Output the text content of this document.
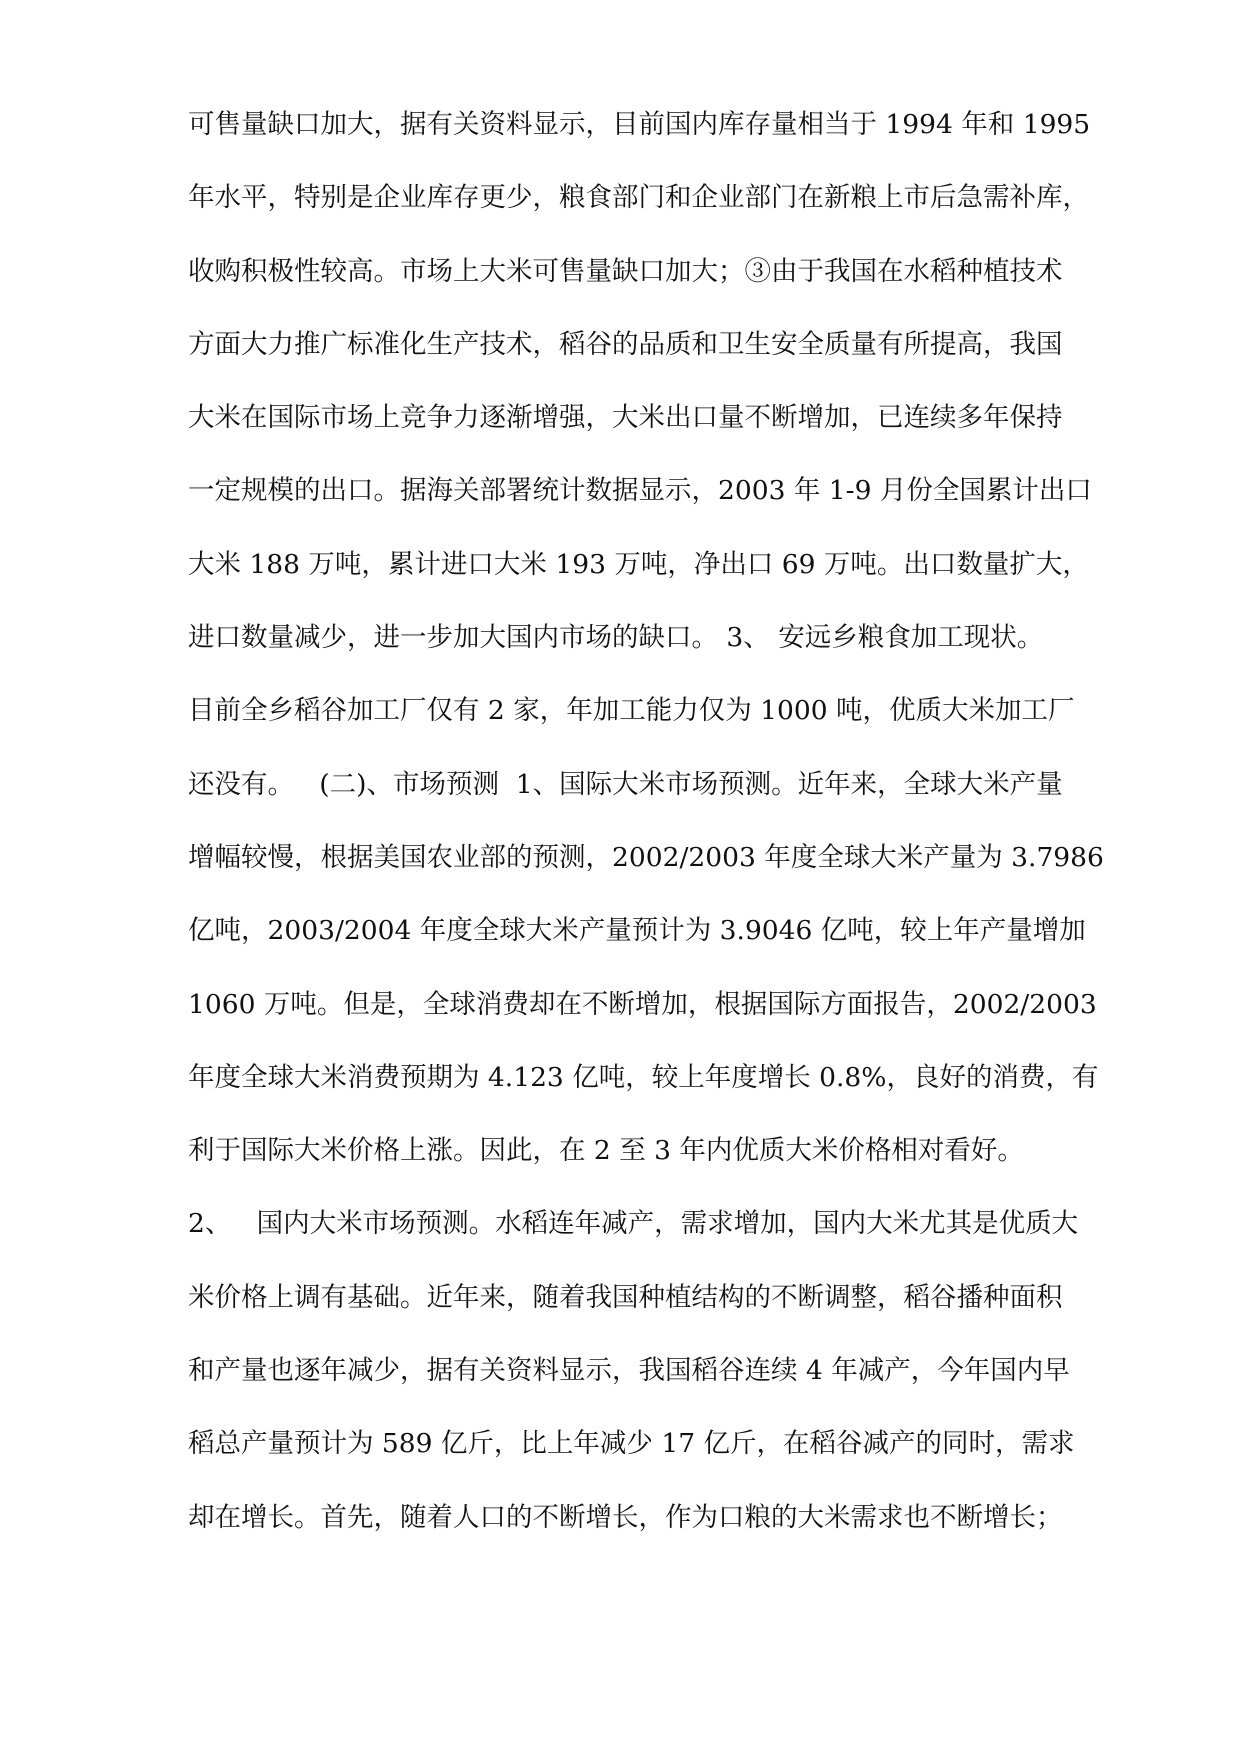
可售量缺口加大，据有关资料显示，目前国内库存量相当于 1994 年和 1995
年水平，特别是企业库存更少，粮食部门和企业部门在新粮上市后急需补库，
收购积极性较高。市场上大米可售量缺口加大；③由于我国在水稻种植技术
方面大力推广标准化生产技术，稻谷的品质和卫生安全质量有所提高，我国
大米在国际市场上竞争力逐渐增强，大米出口量不断增加，已连续多年保持
一定规模的出口。据海关部署统计数据显示，2003 年 1-9 月份全国累计出口
大米 188 万吨，累计进口大米 193 万吨，净出口 69 万吨。出口数量扩大，
进口数量减少，进一步加大国内市场的缺口。 3、 安远乡粮食加工现状。
目前全乡稻谷加工厂仅有 2 家，年加工能力仅为 1000 吨，优质大米加工厂
还没有。   (二)、市场预测  1、国际大米市场预测。近年来，全球大米产量
增幅较慢，根据美国农业部的预测，2002/2003 年度全球大米产量为 3.7986
亿吨，2003/2004 年度全球大米产量预计为 3.9046 亿吨，较上年产量增加
1060 万吨。但是，全球消费却在不断增加，根据国际方面报告，2002/2003
年度全球大米消费预期为 4.123 亿吨，较上年度增长 0.8%，良好的消费，有
利于国际大米价格上涨。因此，在 2 至 3 年内优质大米价格相对看好。
2、   国内大米市场预测。水稻连年减产，需求增加，国内大米尤其是优质大
米价格上调有基础。近年来，随着我国种植结构的不断调整，稻谷播种面积
和产量也逐年减少，据有关资料显示，我国稻谷连续 4 年减产，今年国内早
稻总产量预计为 589 亿斤，比上年减少 17 亿斤，在稻谷减产的同时，需求
却在增长。首先，随着人口的不断增长，作为口粮的大米需求也不断增长；
